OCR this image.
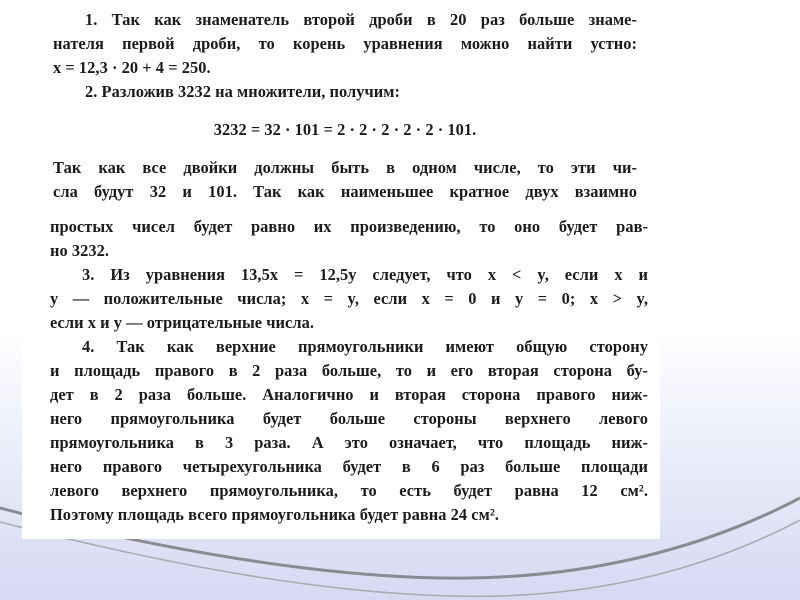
1. Так как знаменатель второй дроби в 20 раз больше знаме-
нателя первой дроби, то корень уравнения можно найти устно:
x = 12,3 · 20 + 4 = 250.
2. Разложив 3232 на множители, получим:
3232 = 32 · 101 = 2 · 2 · 2 · 2 · 2 · 101.
Так как все двойки должны быть в одном числе, то эти чи-
сла будут 32 и 101. Так как наименьшее кратное двух взаимно
простых чисел будет равно их произведению, то оно будет рав-
но 3232.
3. Из уравнения 13,5x = 12,5y следует, что x < y, если x и
y — положительные числа; x = y, если x = 0 и y = 0; x > y,
если x и y — отрицательные числа.
4. Так как верхние прямоугольники имеют общую сторону
и площадь правого в 2 раза больше, то и его вторая сторона бу-
дет в 2 раза больше. Аналогично и вторая сторона правого ниж-
него прямоугольника будет больше стороны верхнего левого
прямоугольника в 3 раза. А это означает, что площадь ниж-
него правого четырехугольника будет в 6 раз больше площади
левого верхнего прямоугольника, то есть будет равна 12 см².
Поэтому площадь всего прямоугольника будет равна 24 см².
